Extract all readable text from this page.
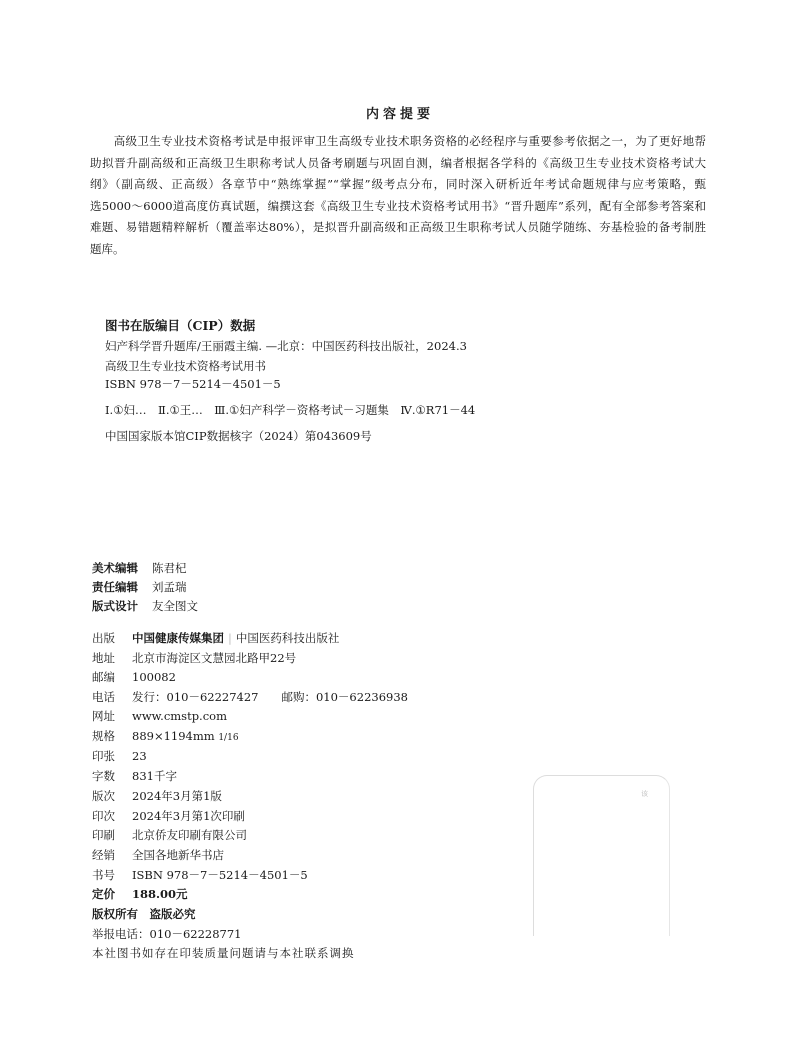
内容提要
　　高级卫生专业技术资格考试是申报评审卫生高级专业技术职务资格的必经程序与重要参考依据之一，为了更好地帮
助拟晋升副高级和正高级卫生职称考试人员备考刷题与巩固自测，编者根据各学科的《高级卫生专业技术资格考试大
纲》（副高级、正高级）各章节中“熟练掌握”“掌握”级考点分布，同时深入研析近年考试命题规律与应考策略，甄
选5000～6000道高度仿真试题，编撰这套《高级卫生专业技术资格考试用书》“晋升题库”系列，配有全部参考答案和
难题、易错题精粹解析（覆盖率达80%），是拟晋升副高级和正高级卫生职称考试人员随学随练、夯基检验的备考制胜
题库。
图书在版编目（CIP）数据
妇产科学晋升题库/王丽霞主编. —北京：中国医药科技出版社，2024.3
高级卫生专业技术资格考试用书
ISBN 978－7－5214－4501－5
Ⅰ.①妇…　Ⅱ.①王…　Ⅲ.①妇产科学－资格考试－习题集　Ⅳ.①R71－44
中国国家版本馆CIP数据核字（2024）第043609号
美术编辑 陈君杞
责任编辑 刘孟瑞
版式设计 友全图文
出版 中国健康传媒集团 | 中国医药科技出版社
地址 北京市海淀区文慧园北路甲22号
邮编 100082
电话 发行：010－62227427　　邮购：010－62236938
网址 www.cmstp.com
规格 889×1194mm 1/16
印张 23
字数 831千字
版次 2024年3月第1版
印次 2024年3月第1次印刷
印刷 北京侨友印刷有限公司
经销 全国各地新华书店
书号 ISBN 978－7－5214－4501－5
定价 188.00元
版权所有　盗版必究
举报电话：010－62228771
本社图书如存在印装质量问题请与本社联系调换
该
